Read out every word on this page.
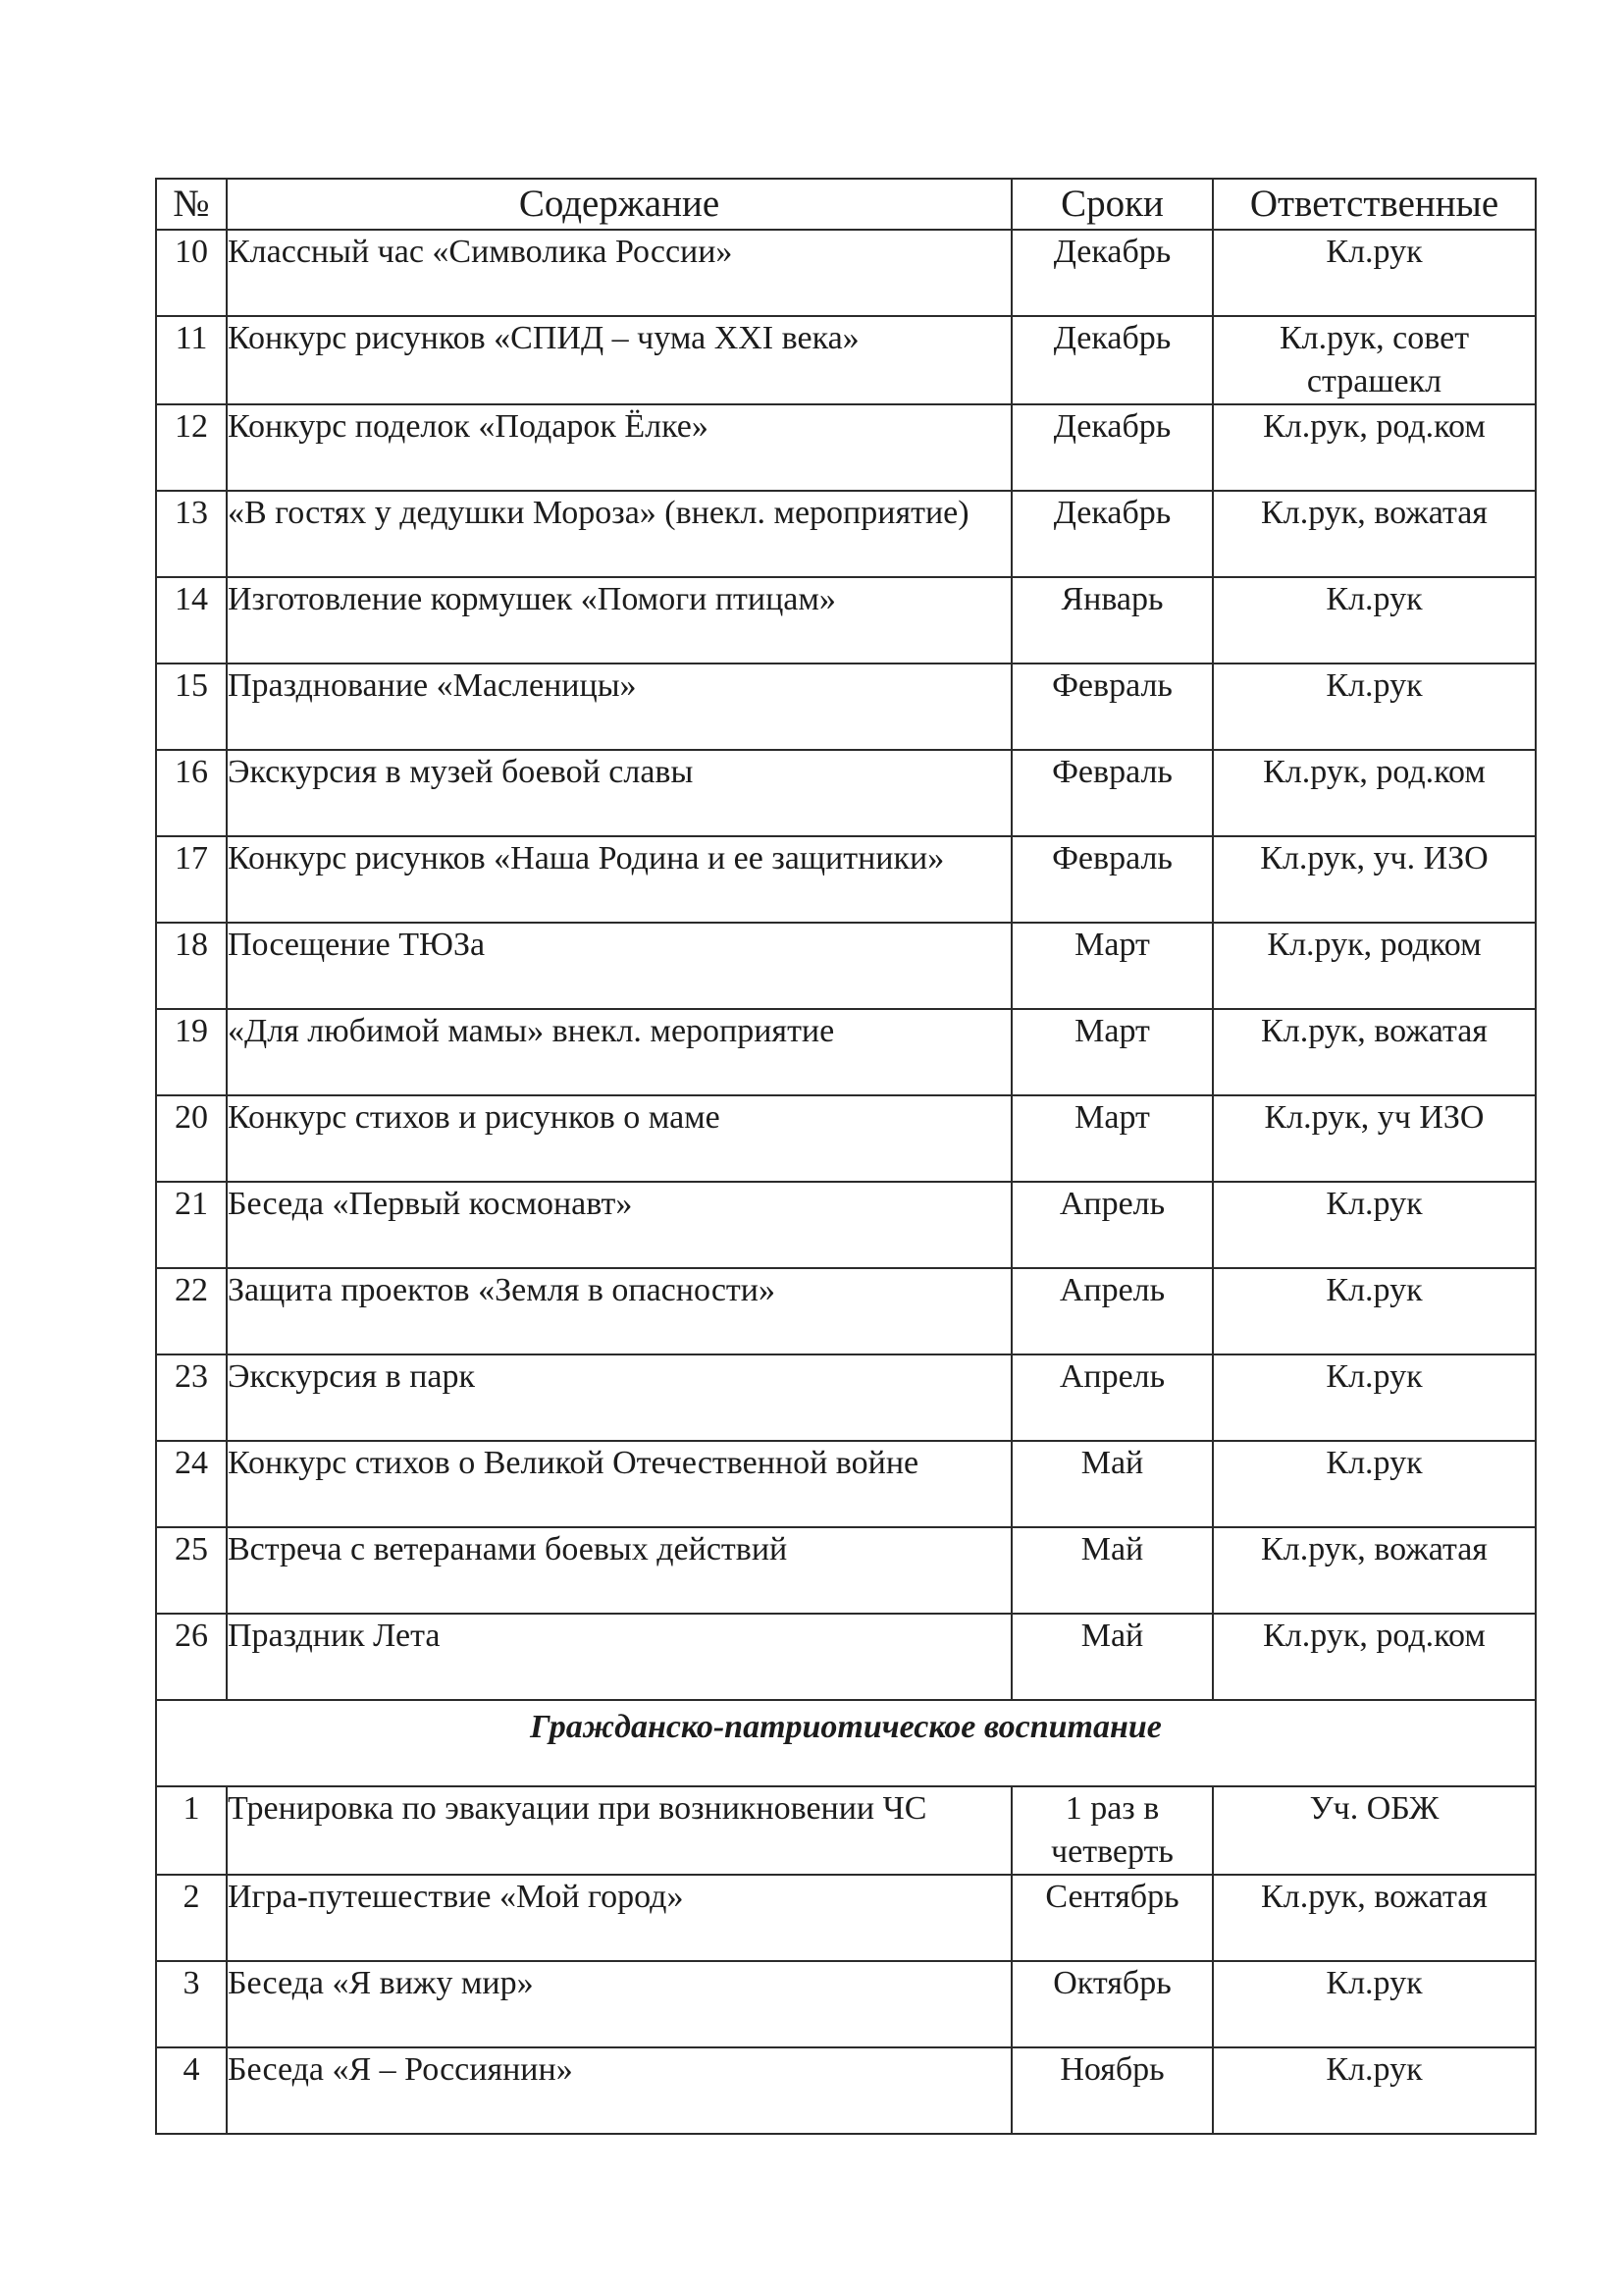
№	Содержание	Сроки	Ответственные
10	Классный час «Символика России»	Декабрь	Кл.рук
11	Конкурс рисунков «СПИД – чума XXI века»	Декабрь	Кл.рук, совет страшекл
12	Конкурс поделок «Подарок Ёлке»	Декабрь	Кл.рук, род.ком
13	«В гостях у дедушки Мороза» (внекл. мероприятие)	Декабрь	Кл.рук, вожатая
14	Изготовление кормушек «Помоги птицам»	Январь	Кл.рук
15	Празднование «Масленицы»	Февраль	Кл.рук
16	Экскурсия в музей боевой славы	Февраль	Кл.рук, род.ком
17	Конкурс рисунков «Наша Родина и ее защитники»	Февраль	Кл.рук, уч. ИЗО
18	Посещение ТЮЗа	Март	Кл.рук, родком
19	«Для любимой мамы» внекл. мероприятие	Март	Кл.рук, вожатая
20	Конкурс стихов и рисунков о маме	Март	Кл.рук, уч ИЗО
21	Беседа «Первый космонавт»	Апрель	Кл.рук
22	Защита проектов «Земля в опасности»	Апрель	Кл.рук
23	Экскурсия в парк	Апрель	Кл.рук
24	Конкурс стихов о Великой Отечественной войне	Май	Кл.рук
25	Встреча с ветеранами боевых действий	Май	Кл.рук, вожатая
26	Праздник Лета	Май	Кл.рук, род.ком
Гражданско-патриотическое воспитание			
1	Тренировка по эвакуации при возникновении ЧС	1 раз в четверть	Уч. ОБЖ
2	Игра-путешествие «Мой город»	Сентябрь	Кл.рук, вожатая
3	Беседа «Я вижу мир»	Октябрь	Кл.рук
4	Беседа «Я – Россиянин»	Ноябрь	Кл.рук
